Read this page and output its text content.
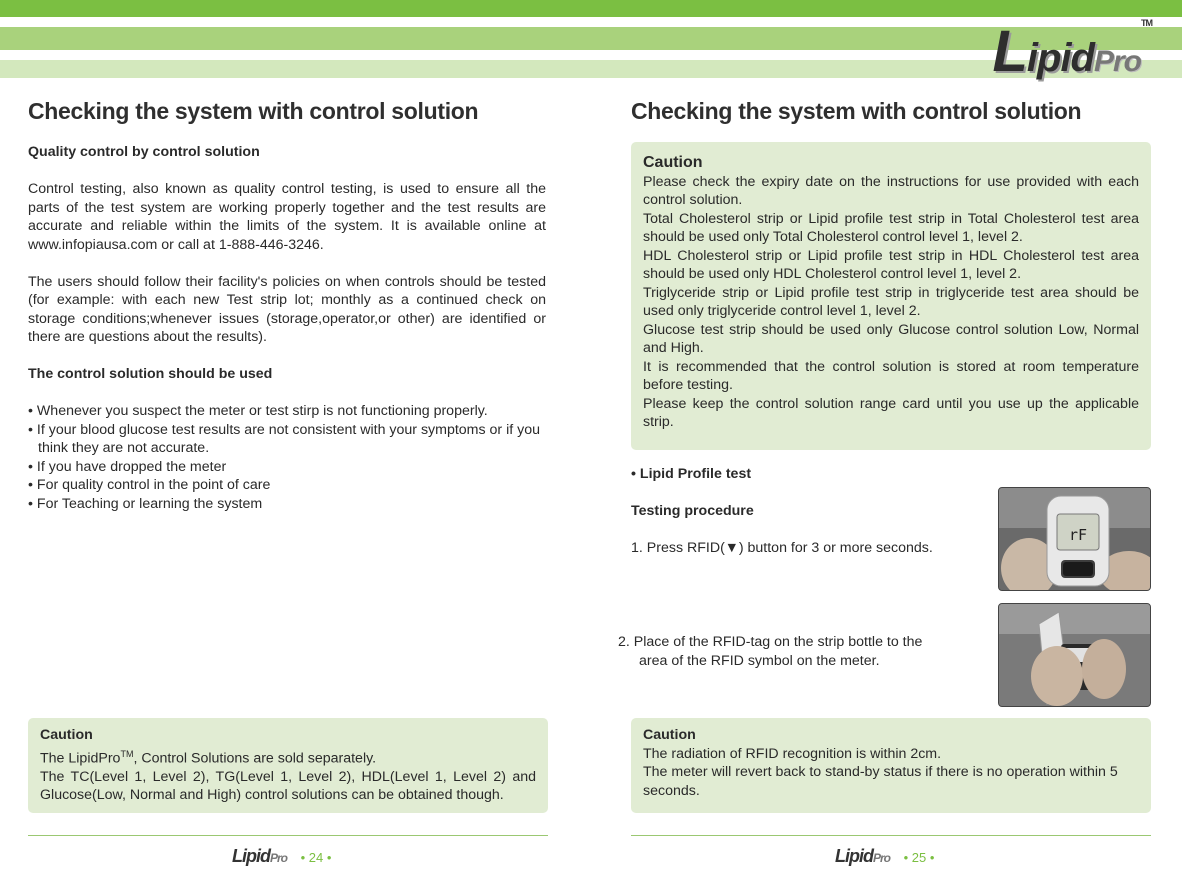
LipidPro™
Checking the system with control solution

Quality control by control solution

Control testing, also known as quality control testing, is used to ensure all the parts of the test system are working properly together and the test results are accurate and reliable within the limits of the system. It is available online at www.infopiausa.com or call at 1-888-446-3246.

The users should follow their facility's policies on when controls should be tested (for example: with each new Test strip lot; monthly as a continued check on storage conditions;whenever issues (storage,operator,or other) are identified or there are questions about the results).

The control solution should be used

• Whenever you suspect the meter or test stirp is not functioning properly.

• If your blood glucose test results are not consistent with your symptoms or if you think they are not accurate.

• If you have dropped the meter

• For quality control in the point of care

• For Teaching or learning the system

Caution

The LipidPro™, Control Solutions are sold separately.

The TC(Level 1, Level 2), TG(Level 1, Level 2), HDL(Level 1, Level 2) and Glucose(Low, Normal and High) control solutions can be obtained though.

LipidPro • 24 •
Checking the system with control solution

Caution

Please check the expiry date on the instructions for use provided with each control solution.

Total Cholesterol strip or Lipid profile test strip in Total Cholesterol test area should be used only Total Cholesterol control level 1, level 2.

HDL Cholesterol strip or Lipid profile test strip in HDL Cholesterol test area should be used only HDL Cholesterol control level 1, level 2.

Triglyceride strip or Lipid profile test strip in triglyceride test area should be used only triglyceride control level 1, level 2.

Glucose test strip should be used only Glucose control solution Low, Normal and High.

It is recommended that the control solution is stored at room temperature before testing.

Please keep the control solution range card until you use up the applicable strip.

• Lipid Profile test

Testing procedure

1. Press RFID(▼) button for 3 or more seconds.

2. Place of the RFID-tag on the strip bottle to the

area of the RFID symbol on the meter.

rF

Caution

The radiation of RFID recognition is within 2cm.

The meter will revert back to stand-by status if there is no operation within 5 seconds.

LipidPro • 25 •
